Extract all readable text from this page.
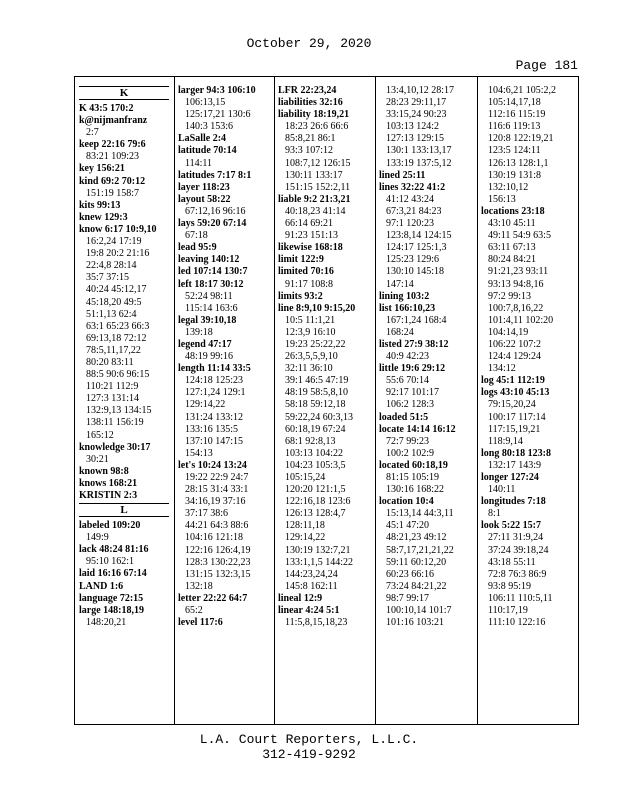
October 29, 2020
Page 181
K
K 43:5 170:2
k@nijmanfranz
2:7
keep 22:16 79:6
83:21 109:23
key 156:21
kind 69:2 70:12
151:19 158:7
kits 99:13
knew 129:3
know 6:17 10:9,10
16:2,24 17:19
19:8 20:2 21:16
22:4,8 28:14
35:7 37:15
40:24 45:12,17
45:18,20 49:5
51:1,13 62:4
63:1 65:23 66:3
69:13,18 72:12
78:5,11,17,22
80:20 83:11
88:5 90:6 96:15
110:21 112:9
127:3 131:14
132:9,13 134:15
138:11 156:19
165:12
knowledge 30:17
30:21
known 98:8
knows 168:21
KRISTIN 2:3
L
labeled 109:20
149:9
lack 48:24 81:16
95:10 162:1
laid 16:16 67:14
LAND 1:6
language 72:15
large 148:18,19
148:20,21
larger 94:3 106:10
106:13,15
125:17,21 130:6
140:3 153:6
LaSalle 2:4
latitude 70:14
114:11
latitudes 7:17 8:1
layer 118:23
layout 58:22
67:12,16 96:16
lays 59:20 67:14
67:18
lead 95:9
leaving 140:12
led 107:14 130:7
left 18:17 30:12
52:24 98:11
115:14 163:6
legal 39:10,18
139:18
legend 47:17
48:19 99:16
length 11:14 33:5
124:18 125:23
127:1,24 129:1
129:14,22
131:24 133:12
133:16 135:5
137:10 147:15
154:13
let's 10:24 13:24
19:22 22:9 24:7
28:15 31:4 33:1
34:16,19 37:16
37:17 38:6
44:21 64:3 88:6
104:16 121:18
122:16 126:4,19
128:3 130:22,23
131:15 132:3,15
132:18
letter 22:22 64:7
65:2
level 117:6
LFR 22:23,24
liabilities 32:16
liability 18:19,21
18:23 26:6 66:6
85:8,21 86:1
93:3 107:12
108:7,12 126:15
130:11 133:17
151:15 152:2,11
liable 9:2 21:3,21
40:18,23 41:14
66:14 69:21
91:23 151:13
likewise 168:18
limit 122:9
limited 70:16
91:17 108:8
limits 93:2
line 8:9,10 9:15,20
10:5 11:1,21
12:3,9 16:10
19:23 25:22,22
26:3,5,5,9,10
32:11 36:10
39:1 46:5 47:19
48:19 58:5,8,10
58:18 59:12,18
59:22,24 60:3,13
60:18,19 67:24
68:1 92:8,13
103:13 104:22
104:23 105:3,5
105:15,24
120:20 121:1,5
122:16,18 123:6
126:13 128:4,7
128:11,18
129:14,22
130:19 132:7,21
133:1,1,5 144:22
144:23,24,24
145:8 162:11
lineal 12:9
linear 4:24 5:1
11:5,8,15,18,23
13:4,10,12 28:17
28:23 29:11,17
33:15,24 90:23
103:13 124:2
127:13 129:15
130:1 133:13,17
133:19 137:5,12
lined 25:11
lines 32:22 41:2
41:12 43:24
67:3,21 84:23
97:1 120:23
123:8,14 124:15
124:17 125:1,3
125:23 129:6
130:10 145:18
147:14
lining 103:2
list 166:10,23
167:1,24 168:4
168:24
listed 27:9 38:12
40:9 42:23
little 19:6 29:12
55:6 70:14
92:17 101:17
106:2 128:3
loaded 51:5
locate 14:14 16:12
72:7 99:23
100:2 102:9
located 60:18,19
81:15 105:19
130:16 168:22
location 10:4
15:13,14 44:3,11
45:1 47:20
48:21,23 49:12
58:7,17,21,21,22
59:11 60:12,20
60:23 66:16
73:24 84:21,22
98:7 99:17
100:10,14 101:7
101:16 103:21
104:6,21 105:2,2
105:14,17,18
112:16 115:19
116:6 119:13
120:8 122:19,21
123:5 124:11
126:13 128:1,1
130:19 131:8
132:10,12
156:13
locations 23:18
43:10 45:11
49:11 54:9 63:5
63:11 67:13
80:24 84:21
91:21,23 93:11
93:13 94:8,16
97:2 99:13
100:7,8,16,22
101:4,11 102:20
104:14,19
106:22 107:2
124:4 129:24
134:12
log 45:1 112:19
logs 43:10 45:13
79:15,20,24
100:17 117:14
117:15,19,21
118:9,14
long 80:18 123:8
132:17 143:9
longer 127:24
140:11
longitudes 7:18
8:1
look 5:22 15:7
27:11 31:9,24
37:24 39:18,24
43:18 55:11
72:8 76:3 86:9
93:8 95:19
106:11 110:5,11
110:17,19
111:10 122:16
L.A. Court Reporters, L.L.C.
312-419-9292
